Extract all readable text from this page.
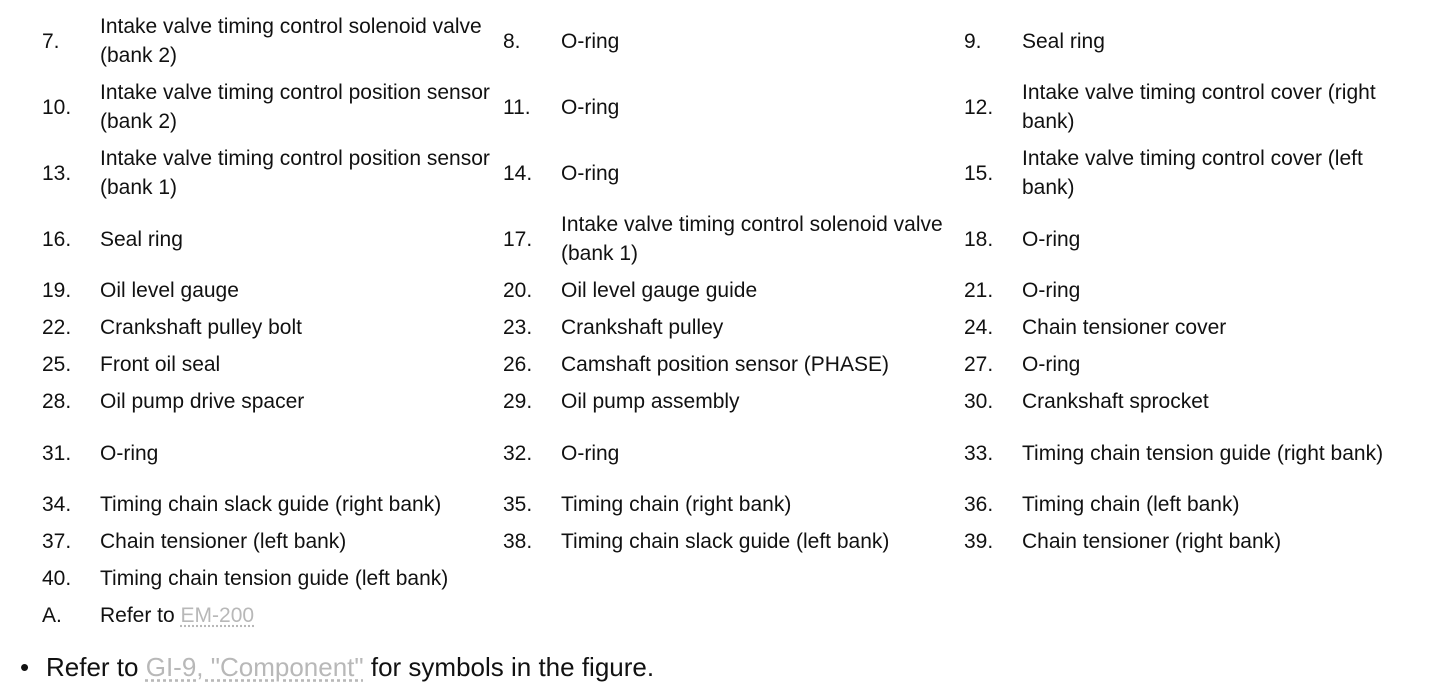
7.	Intake valve timing control solenoid valve (bank 2)	8.	O-ring	9.	Seal ring
10.	Intake valve timing control position sensor (bank 2)	11.	O-ring	12.	Intake valve timing control cover (right bank)
13.	Intake valve timing control position sensor (bank 1)	14.	O-ring	15.	Intake valve timing control cover (left bank)
16.	Seal ring	17.	Intake valve timing control solenoid valve (bank 1)	18.	O-ring
19.	Oil level gauge	20.	Oil level gauge guide	21.	O-ring
22.	Crankshaft pulley bolt	23.	Crankshaft pulley	24.	Chain tensioner cover
25.	Front oil seal	26.	Camshaft position sensor (PHASE)	27.	O-ring
28.	Oil pump drive spacer	29.	Oil pump assembly	30.	Crankshaft sprocket
31.	O-ring	32.	O-ring	33.	Timing chain tension guide (right bank)
34.	Timing chain slack guide (right bank)	35.	Timing chain (right bank)	36.	Timing chain (left bank)
37.	Chain tensioner (left bank)	38.	Timing chain slack guide (left bank)	39.	Chain tensioner (right bank)
40.	Timing chain tension guide (left bank)				
A.	Refer to EM-200				
• Refer to GI-9, "Component" for symbols in the figure.
